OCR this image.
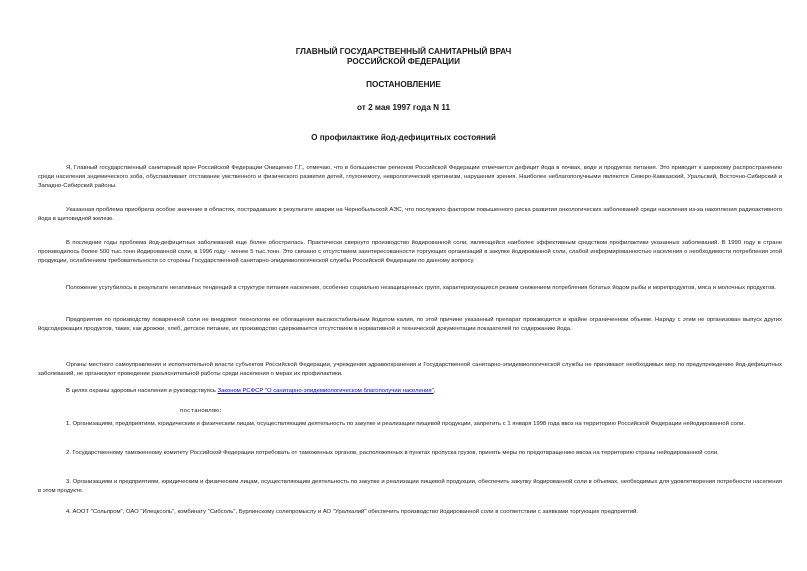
ГЛАВНЫЙ ГОСУДАРСТВЕННЫЙ САНИТАРНЫЙ ВРАЧ
РОССИЙСКОЙ ФЕДЕРАЦИИ
ПОСТАНОВЛЕНИЕ
от 2 мая 1997 года N 11
О профилактике йод-дефицитных состояний

Я, Главный государственный санитарный врач Российской Федерации Онищенко Г.Г., отмечаю, что в большинстве регионов Российской Федерации отмечается дефицит йода в почвах, воде и продуктах питания. Это приводит к широкому распространению среди населения эндемического зоба, обуславливает отставание умственного и физического развития детей, глухонемоту, неврологический кретинизм, нарушения зрения. Наиболее неблагополучными являются Северо-Кавказский, Уральский, Восточно-Сибирский и Западно-Сибирский районы.

Указанная проблема приобрела особое значение в областях, пострадавших в результате аварии на Чернобыльской АЭС, что послужило фактором повышенного риска развития онкологических заболеваний среди населения из-за накопления радиоактивного йода в щитовидной железе.

В последние годы проблема йод-дефицитных заболеваний еще более обострилась. Практически свернуто производство йодированной соли, являющейся наиболее эффективным средством профилактики указанных заболеваний. В 1990 году в стране производилось более 500 тыс.тонн йодированной соли, в 1996 году - менее 5 тыс.тонн. Это связано с отсутствием заинтересованности торгующих организаций в закупке йодированной соли, слабой информированностью населения о необходимости потребления этой продукции, ослаблением требовательности со стороны Государственной санитарно-эпидемиологической службы Российской Федерации по данному вопросу.

Положение усугубилось в результате негативных тенденций в структуре питания населения, особенно социально незащищенных групп, характеризующихся резким снижением потребления богатых йодом рыбы и морепродуктов, мяса и молочных продуктов.

Предприятия по производству поваренной соли не внедряют технологии ее обогащения высокостабильным йодатом калия, по этой причине указанный препарат производится в крайне ограниченном объеме. Наряду с этим не организован выпуск других йодсодержащих продуктов, таких, как дрожжи, хлеб, детское питание, их производство сдерживается отсутствием в нормативной и технической документации показателей по содержанию йода.

Органы местного самоуправления и исполнительной власти субъектов Российской Федерации, учреждения здравоохранения и Государственной санитарно-эпидемиологической службы не принимают необходимых мер по предупреждению йод-дефицитных заболеваний, не организуют проведение разъяснительной работы среди населения о мерах их профилактики.

В целях охраны здоровья населения и руководствуясь Законом РСФСР "О санитарно-эпидемиологическом благополучии населения",

постановляю:

1. Организациям, предприятиям, юридическим и физическим лицам, осуществляющим деятельность по закупке и реализации пищевой продукции, запретить с 1 января 1998 года ввоз на территорию Российской Федерации нейодированной соли.

2. Государственному таможенному комитету Российской Федерации потребовать от таможенных органов, расположенных в пунктах пропуска грузов, принять меры по предотвращению ввоза на территорию страны нейодированной соли.

3. Организациям и предприятиям, юридическим и физическим лицам, осуществляющим деятельность по закупке и реализации пищевой продукции, обеспечить закупку йодированной соли в объемах, необходимых для удовлетворения потребности населения в этом продукте.

4. АООТ "Сольпром", ОАО "Илецксоль", комбинату "Сибсоль", Бурлинскому солепромыслу и АО "Уралкалий" обеспечить производство йодированной соли в соответствии с заявками торгующих предприятий.
